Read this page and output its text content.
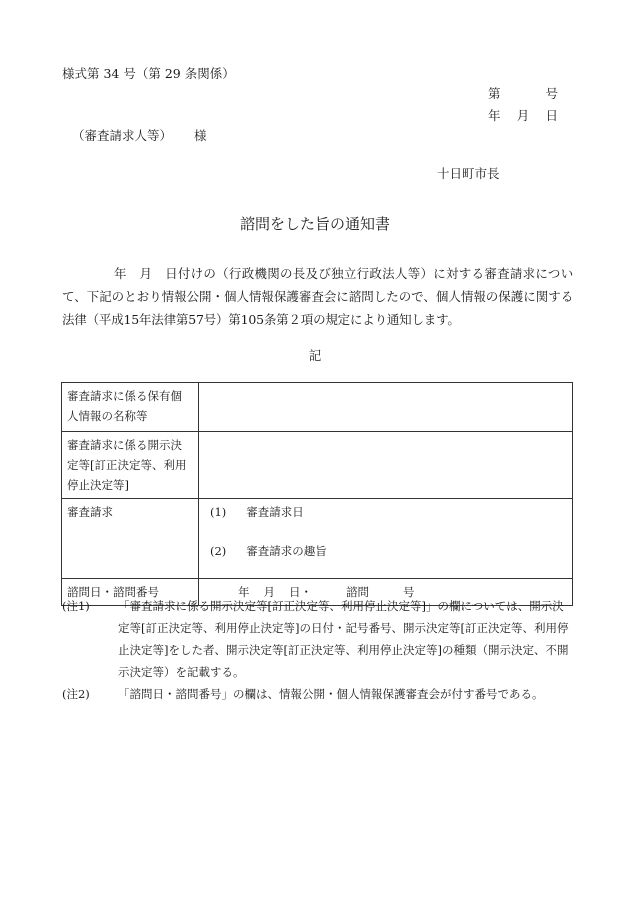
様式第 34 号（第 29 条関係）
第	号
年 月 日
（審査請求人等） 様
十日町市長
諮問をした旨の通知書
年　月　日付けの（行政機関の長及び独立行政法人等）に対する審査請求について、下記のとおり情報公開・個人情報保護審査会に諮問したので、個人情報の保護に関する法律（平成15年法律第57号）第105条第２項の規定により通知します。
記
審査請求に係る保有個人情報の名称等	
審査請求に係る開示決定等[訂正決定等、利用停止決定等]	
審査請求	(1) 審査請求日
(2) 審査請求の趣旨

諮問日・諮問番号	年 月 日・ 諮問 号
(注1)	「審査請求に係る開示決定等[訂正決定等、利用停止決定等]」の欄については、開示決定等[訂正決定等、利用停止決定等]の日付・記号番号、開示決定等[訂正決定等、利用停止決定等]をした者、開示決定等[訂正決定等、利用停止決定等]の種類（開示決定、不開示決定等）を記載する。
(注2)	「諮問日・諮問番号」の欄は、情報公開・個人情報保護審査会が付す番号である。
